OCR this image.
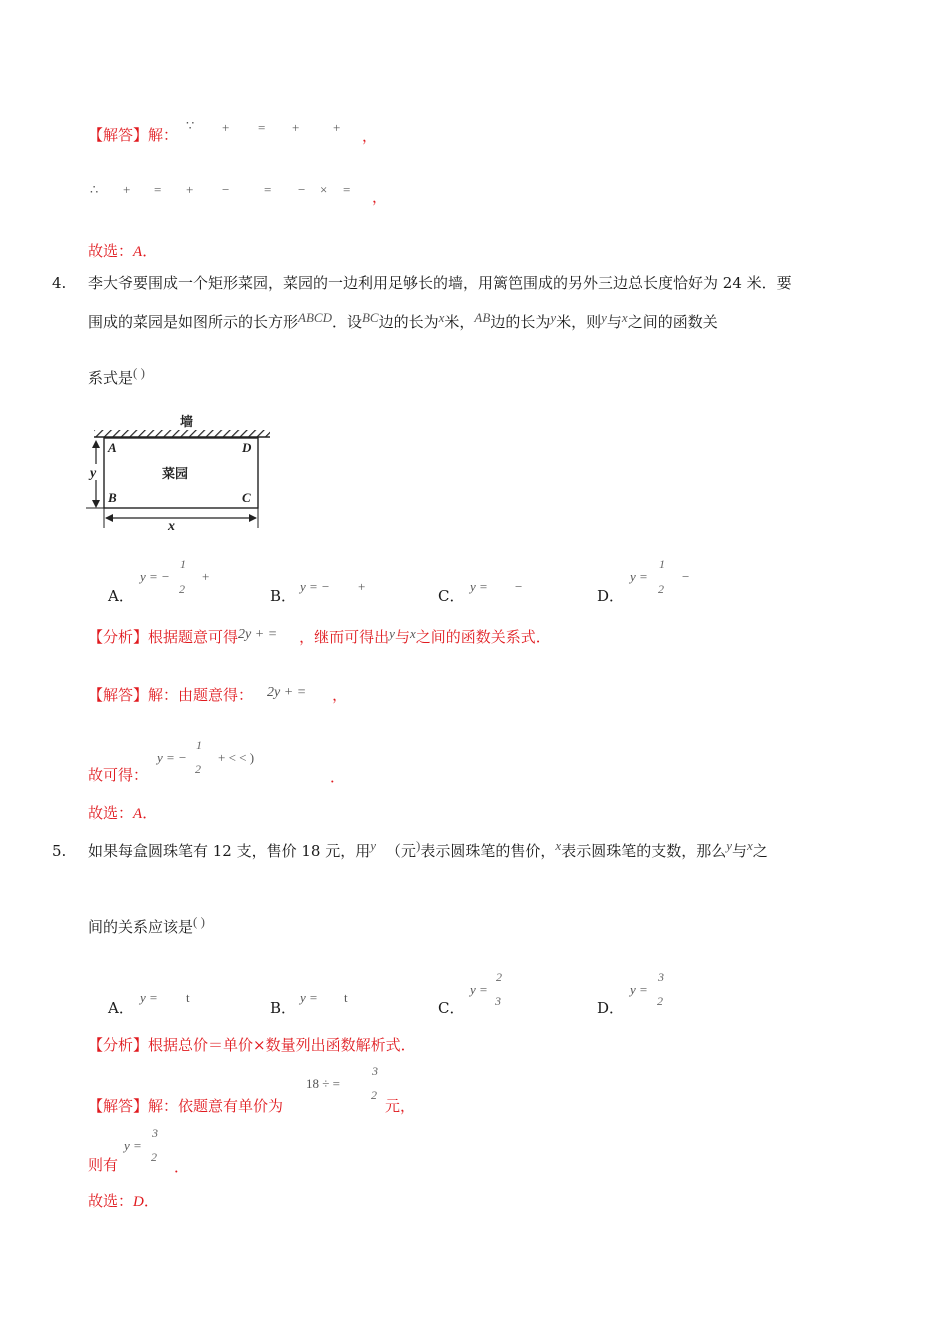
【解答】解：
∵ + = +	+ ，
∴ + = + −	= − × = ，
故选：A．
4. 李大爷要围成一个矩形菜园，菜园的一边利用足够长的墙，用篱笆围成的另外三边总长度恰好为 24 米．要
围成的菜园是如图所示的长方形ABCD．设BC边的长为x米，AB边的长为y米，则y与x之间的函数关
系式是( )
墙
菜园
A	D
B	C
y
x
A．
y = −
1
2
+
B．
y = − +
C．
y = −
D．
y =
1
2
−
【分析】根据题意可得2y + = ，继而可得出y与x之间的函数关系式．
【解答】解：由题意得： 2y + = ，
故可得：
y = −
1
2
+ < < )
．
故选：A．
5. 如果每盒圆珠笔有 12 支，售价 18 元，用y （元)表示圆珠笔的售价，x表示圆珠笔的支数，那么y与x之
间的关系应该是( )
A．
y = t
B．
y = t
C．
y =
2
3	D．
y =
3
2
【分析】根据总价＝单价×数量列出函数解析式．
【解答】解：依题意有单价为
18 ÷ =
3
2
元，
则有
y =
3
2
．
故选：D．
